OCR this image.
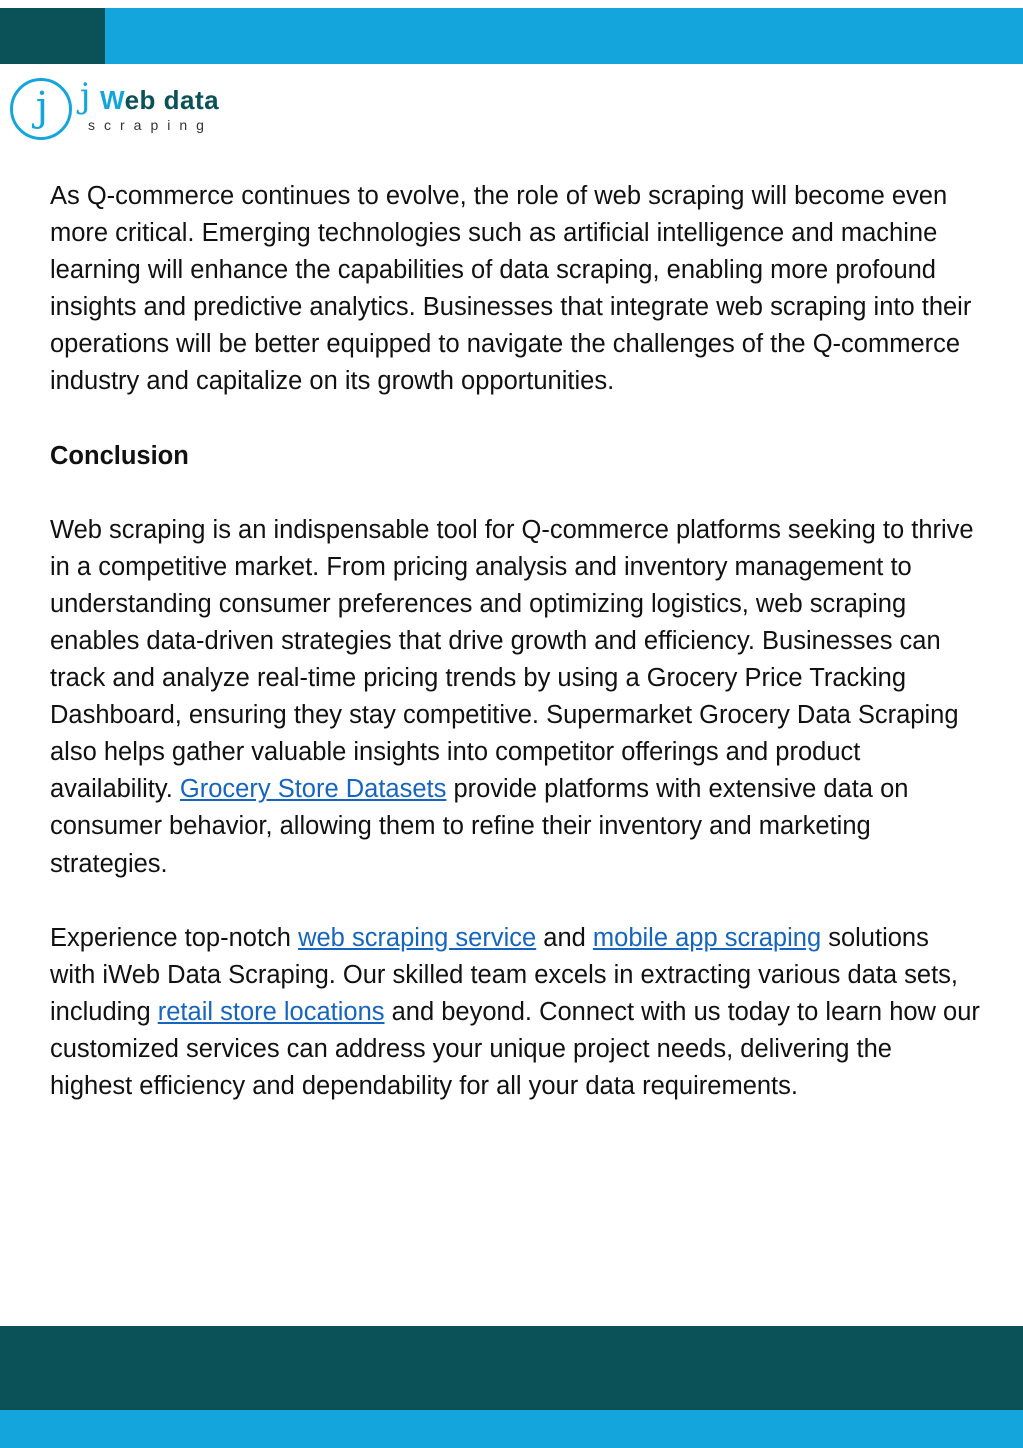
j j Web data
scraping

As Q-commerce continues to evolve, the role of web scraping will become even more critical. Emerging technologies such as artificial intelligence and machine learning will enhance the capabilities of data scraping, enabling more profound insights and predictive analytics. Businesses that integrate web scraping into their operations will be better equipped to navigate the challenges of the Q-commerce industry and capitalize on its growth opportunities.

Conclusion

Web scraping is an indispensable tool for Q-commerce platforms seeking to thrive in a competitive market. From pricing analysis and inventory management to understanding consumer preferences and optimizing logistics, web scraping enables data-driven strategies that drive growth and efficiency. Businesses can track and analyze real-time pricing trends by using a Grocery Price Tracking Dashboard, ensuring they stay competitive. Supermarket Grocery Data Scraping also helps gather valuable insights into competitor offerings and product availability. Grocery Store Datasets provide platforms with extensive data on consumer behavior, allowing them to refine their inventory and marketing strategies.

Experience top-notch web scraping service and mobile app scraping solutions with iWeb Data Scraping. Our skilled team excels in extracting various data sets, including retail store locations and beyond. Connect with us today to learn how our customized services can address your unique project needs, delivering the highest efficiency and dependability for all your data requirements.
